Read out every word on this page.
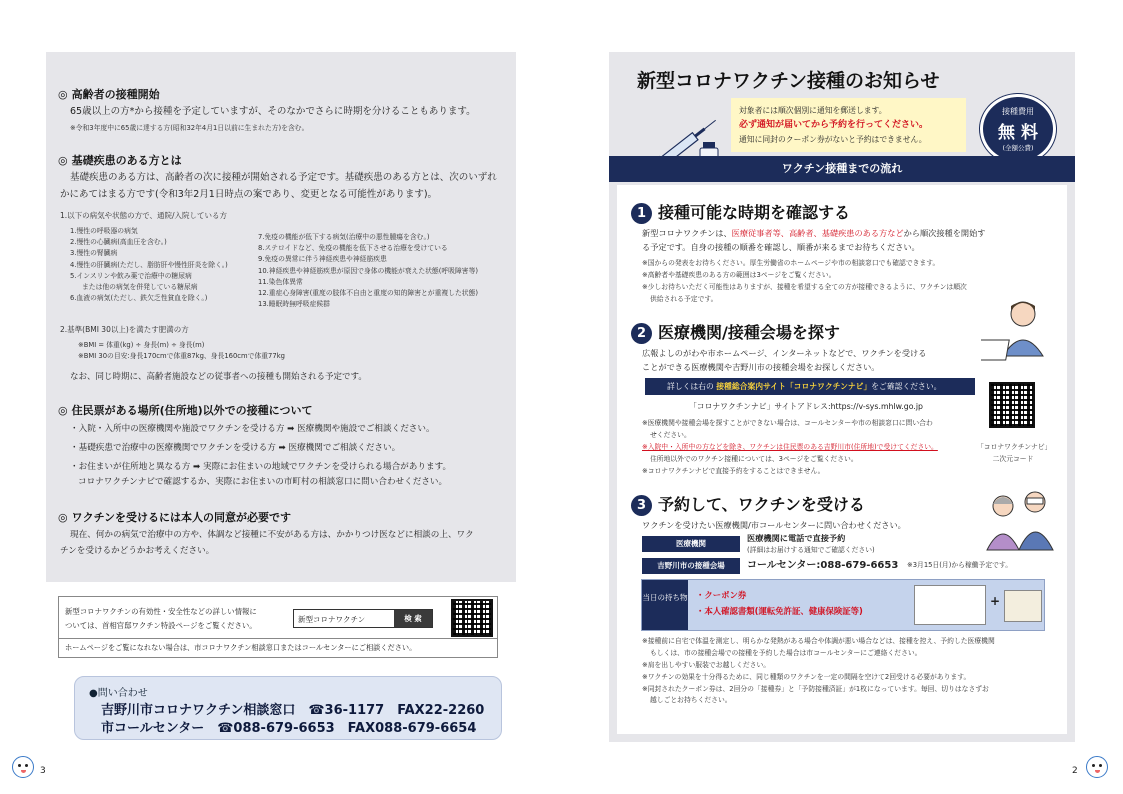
◎ 高齢者の接種開始
65歳以上の方*から接種を予定していますが、そのなかでさらに時期を分けることもあります。
※令和3年度中に65歳に達する方(昭和32年4月1日以前に生まれた方)を含む。
◎ 基礎疾患のある方とは
基礎疾患のある方は、高齢者の次に接種が開始される予定です。基礎疾患のある方とは、次のいずれ
かにあてはまる方です(令和3年2月1日時点の案であり、変更となる可能性があります)。
1.以下の病気や状態の方で、通院/入院している方
1.慢性の呼吸器の病気
2.慢性の心臓病(高血圧を含む。)
3.慢性の腎臓病
4.慢性の肝臓病(ただし、脂肪肝や慢性肝炎を除く。)
5.インスリンや飲み薬で治療中の糖尿病
または他の病気を併発している糖尿病
6.血液の病気(ただし、鉄欠乏性貧血を除く。)
7.免疫の機能が低下する病気(治療中の悪性腫瘍を含む。)
8.ステロイドなど、免疫の機能を低下させる治療を受けている
9.免疫の異常に伴う神経疾患や神経筋疾患
10.神経疾患や神経筋疾患が原因で身体の機能が衰えた状態(呼吸障害等)
11.染色体異常
12.重症心身障害(重度の肢体不自由と重度の知的障害とが重複した状態)
13.睡眠時無呼吸症候群
2.基準(BMI 30以上)を満たす肥満の方
※BMI = 体重(kg) ÷ 身長(m) ÷ 身長(m)
※BMI 30の目安:身長170cmで体重87kg、身長160cmで体重77kg
なお、同じ時期に、高齢者施設などの従事者への接種も開始される予定です。
◎ 住民票がある場所(住所地)以外での接種について
・入院・入所中の医療機関や施設でワクチンを受ける方 ➡ 医療機関や施設でご相談ください。
・基礎疾患で治療中の医療機関でワクチンを受ける方 ➡ 医療機関でご相談ください。
・お住まいが住所地と異なる方 ➡ 実際にお住まいの地域でワクチンを受けられる場合があります。
コロナワクチンナビで確認するか、実際にお住まいの市町村の相談窓口に問い合わせください。
◎ ワクチンを受けるには本人の同意が必要です
現在、何かの病気で治療中の方や、体調など接種に不安がある方は、かかりつけ医などに相談の上、ワク
チンを受けるかどうかお考えください。
新型コロナワクチンの有効性・安全性などの詳しい情報に
ついては、首相官邸ワクチン特設ページをご覧ください。
新型コロナワクチン	検 索
ホームページをご覧になれない場合は、市コロナワクチン相談窓口またはコールセンターにご相談ください。
●問い合わせ
吉野川市コロナワクチン相談窓口　☎36-1177　FAX22-2260
市コールセンター　☎088-679-6653　FAX088-679-6654
3
新型コロナワクチン接種のお知らせ
対象者には順次個別に通知を郵送します。
必ず通知が届いてから予約を行ってください。
通知に同封のクーポン券がないと予約はできません。
接種費用
無 料
(全額公費)
ワクチン接種までの流れ
1 接種可能な時期を確認する
新型コロナワクチンは、医療従事者等、高齢者、基礎疾患のある方などから順次接種を開始す
る予定です。自身の接種の順番を確認し、順番が来るまでお待ちください。
※国からの発表をお待ちください。厚生労働省のホームページや市の相談窓口でも確認できます。
※高齢者や基礎疾患のある方の範囲は3ページをご覧ください。
※少しお待ちいただく可能性はありますが、接種を希望する全ての方が接種できるように、ワクチンは順次
供給される予定です。
2 医療機関/接種会場を探す
広報よしのがわや市ホームページ、インターネットなどで、ワクチンを受ける
ことができる医療機関や吉野川市の接種会場をお探しください。
詳しくは右の 接種総合案内サイト「コロナワクチンナビ」をご確認ください。
「コロナワクチンナビ」サイトアドレス:https://v-sys.mhlw.go.jp
「コロナワクチンナビ」
二次元コード
※医療機関や接種会場を探すことができない場合は、コールセンターや市の相談窓口に問い合わ
せください。
※入院中・入所中の方などを除き、ワクチンは住民票のある吉野川市(住所地)で受けてください。
住所地以外でのワクチン接種については、3ページをご覧ください。
※コロナワクチンナビで直接予約をすることはできません。
3 予約して、ワクチンを受ける
ワクチンを受けたい医療機関/市コールセンターに問い合わせください。
医療機関
医療機関に電話で直接予約
(詳細はお届けする通知でご確認ください)
吉野川市の接種会場	コールセンター:088-679-6653 ※3月15日(月)から稼働予定です。
当日の持ち物 ・クーポン券
・本人確認書類(運転免許証、健康保険証等)
+
※接種前に自宅で体温を測定し、明らかな発熱がある場合や体調が悪い場合などは、接種を控え、予約した医療機関
もしくは、市の接種会場での接種を予約した場合は市コールセンターにご連絡ください。
※肩を出しやすい服装でお越しください。
※ワクチンの効果を十分得るために、同じ種類のワクチンを一定の間隔を空けて2回受ける必要があります。
※同封されたクーポン券は、2回分の「接種券」と「予防接種済証」が1枚になっています。毎回、切りはなさずお
越しごとお持ちください。
2
